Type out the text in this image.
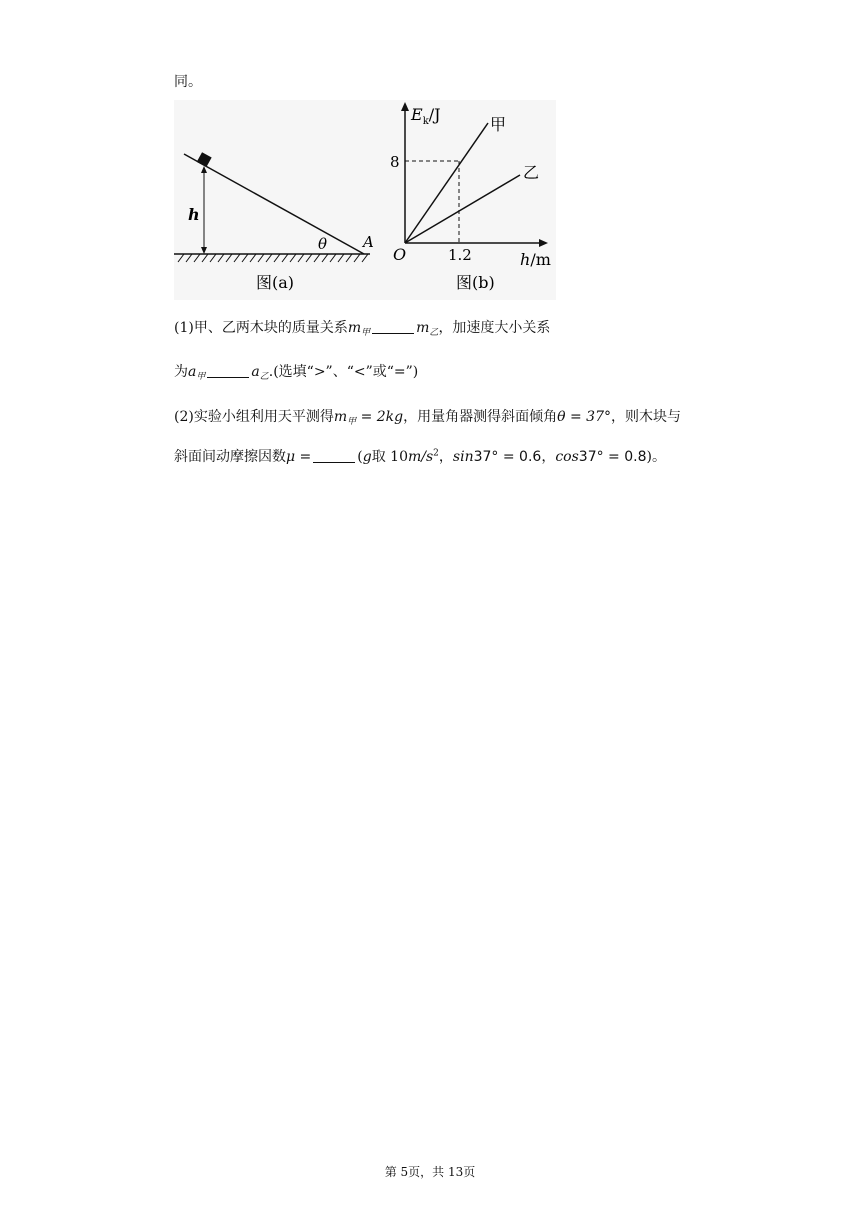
同。
h
θ A
图(a)
$E_k/J$
甲
乙
8
1.2
O	h/m
图(b)
(1)甲、乙两木块的质量关系$m_甲$	$m_乙$，加速度大小关系
为$a_甲$	$a_乙$.(选填“>”、“<”或“=”)
(2)实验小组利用天平测得$m_甲 = 2kg$，用量角器测得斜面倾角θ = 37°，则木块与
斜面间动摩擦因数μ =	(g取 $10m/s^2$，sin37° = 0.6，cos37° = 0.8)。
第 5页，共 13页
